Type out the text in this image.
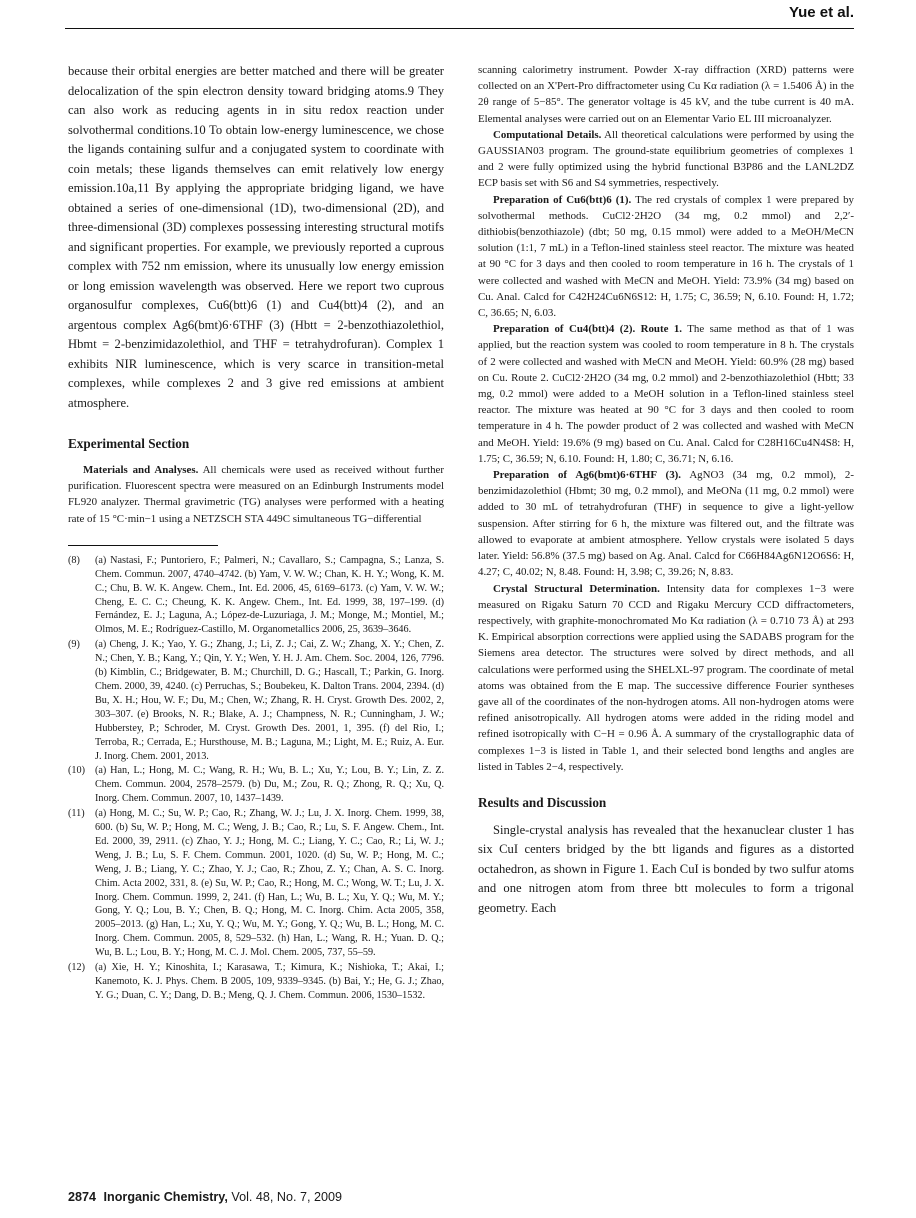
Yue et al.

because their orbital energies are better matched and there will be greater delocalization of the spin electron density toward bridging atoms.9 They can also work as reducing agents in in situ redox reaction under solvothermal conditions.10 To obtain low-energy luminescence, we chose the ligands containing sulfur and a conjugated system to coordinate with coin metals; these ligands themselves can emit relatively low energy emission.10a,11 By applying the appropriate bridging ligand, we have obtained a series of one-dimensional (1D), two-dimensional (2D), and three-dimensional (3D) complexes possessing interesting structural motifs and significant properties. For example, we previously reported a cuprous complex with 752 nm emission, where its unusually low energy emission or long emission wavelength was observed. Here we report two cuprous organosulfur complexes, Cu6(btt)6 (1) and Cu4(btt)4 (2), and an argentous complex Ag6(bmt)6·6THF (3) (Hbtt = 2-benzothiazolethiol, Hbmt = 2-benzimidazolethiol, and THF = tetrahydrofuran). Complex 1 exhibits NIR luminescence, which is very scarce in transition-metal complexes, while complexes 2 and 3 give red emissions at ambient atmosphere.

Experimental Section

Materials and Analyses. All chemicals were used as received without further purification. Fluorescent spectra were measured on an Edinburgh Instruments model FL920 analyzer. Thermal gravimetric (TG) analyses were performed with a heating rate of 15 °C·min−1 using a NETZSCH STA 449C simultaneous TG−differential

(8)	(a) Nastasi, F.; Puntoriero, F.; Palmeri, N.; Cavallaro, S.; Campagna, S.; Lanza, S. Chem. Commun. 2007, 4740–4742. (b) Yam, V. W. W.; Chan, K. H. Y.; Wong, K. M. C.; Chu, B. W. K. Angew. Chem., Int. Ed. 2006, 45, 6169–6173. (c) Yam, V. W. W.; Cheng, E. C. C.; Cheung, K. K. Angew. Chem., Int. Ed. 1999, 38, 197–199. (d) Fernández, E. J.; Laguna, A.; López-de-Luzuriaga, J. M.; Monge, M.; Montiel, M.; Olmos, M. E.; Rodríguez-Castillo, M. Organometallics 2006, 25, 3639–3646.
(9)	(a) Cheng, J. K.; Yao, Y. G.; Zhang, J.; Li, Z. J.; Cai, Z. W.; Zhang, X. Y.; Chen, Z. N.; Chen, Y. B.; Kang, Y.; Qin, Y. Y.; Wen, Y. H. J. Am. Chem. Soc. 2004, 126, 7796. (b) Kimblin, C.; Bridgewater, B. M.; Churchill, D. G.; Hascall, T.; Parkin, G. Inorg. Chem. 2000, 39, 4240. (c) Perruchas, S.; Boubekeu, K. Dalton Trans. 2004, 2394. (d) Bu, X. H.; Hou, W. F.; Du, M.; Chen, W.; Zhang, R. H. Cryst. Growth Des. 2002, 2, 303–307. (e) Brooks, N. R.; Blake, A. J.; Champness, N. R.; Cunningham, J. W.; Hubberstey, P.; Schroder, M. Cryst. Growth Des. 2001, 1, 395. (f) del Rio, I.; Terroba, R.; Cerrada, E.; Hursthouse, M. B.; Laguna, M.; Light, M. E.; Ruiz, A. Eur. J. Inorg. Chem. 2001, 2013.
(10) (a) Han, L.; Hong, M. C.; Wang, R. H.; Wu, B. L.; Xu, Y.; Lou, B. Y.; Lin, Z. Z. Chem. Commun. 2004, 2578–2579. (b) Du, M.; Zou, R. Q.; Zhong, R. Q.; Xu, Q. Inorg. Chem. Commun. 2007, 10, 1437–1439.
(11)	(a) Hong, M. C.; Su, W. P.; Cao, R.; Zhang, W. J.; Lu, J. X. Inorg. Chem. 1999, 38, 600. (b) Su, W. P.; Hong, M. C.; Weng, J. B.; Cao, R.; Lu, S. F. Angew. Chem., Int. Ed. 2000, 39, 2911. (c) Zhao, Y. J.; Hong, M. C.; Liang, Y. C.; Cao, R.; Li, W. J.; Weng, J. B.; Lu, S. F. Chem. Commun. 2001, 1020. (d) Su, W. P.; Hong, M. C.; Weng, J. B.; Liang, Y. C.; Zhao, Y. J.; Cao, R.; Zhou, Z. Y.; Chan, A. S. C. Inorg. Chim. Acta 2002, 331, 8. (e) Su, W. P.; Cao, R.; Hong, M. C.; Wong, W. T.; Lu, J. X. Inorg. Chem. Commun. 1999, 2, 241. (f) Han, L.; Wu, B. L.; Xu, Y. Q.; Wu, M. Y.; Gong, Y. Q.; Lou, B. Y.; Chen, B. Q.; Hong, M. C. Inorg. Chim. Acta 2005, 358, 2005–2013. (g) Han, L.; Xu, Y. Q.; Wu, M. Y.; Gong, Y. Q.; Wu, B. L.; Hong, M. C. Inorg. Chem. Commun. 2005, 8, 529–532. (h) Han, L.; Wang, R. H.; Yuan. D. Q.; Wu, B. L.; Lou, B. Y.; Hong, M. C. J. Mol. Chem. 2005, 737, 55–59.
(12) (a) Xie, H. Y.; Kinoshita, I.; Karasawa, T.; Kimura, K.; Nishioka, T.; Akai, I.; Kanemoto, K. J. Phys. Chem. B 2005, 109, 9339–9345. (b) Bai, Y.; He, G. J.; Zhao, Y. G.; Duan, C. Y.; Dang, D. B.; Meng, Q. J. Chem. Commun. 2006, 1530–1532.

scanning calorimetry instrument. Powder X-ray diffraction (XRD) patterns were collected on an X'Pert-Pro diffractometer using Cu Kα radiation (λ = 1.5406 Å) in the 2θ range of 5−85°. The generator voltage is 45 kV, and the tube current is 40 mA. Elemental analyses were carried out on an Elementar Vario EL III microanalyzer.

Computational Details. All theoretical calculations were performed by using the GAUSSIAN03 program. The ground-state equilibrium geometries of complexes 1 and 2 were fully optimized using the hybrid functional B3P86 and the LANL2DZ ECP basis set with S6 and S4 symmetries, respectively.

Preparation of Cu6(btt)6 (1). The red crystals of complex 1 were prepared by solvothermal methods. CuCl2·2H2O (34 mg, 0.2 mmol) and 2,2′-dithiobis(benzothiazole) (dbt; 50 mg, 0.15 mmol) were added to a MeOH/MeCN solution (1:1, 7 mL) in a Teflon-lined stainless steel reactor. The mixture was heated at 90 °C for 3 days and then cooled to room temperature in 16 h. The crystals of 1 were collected and washed with MeCN and MeOH. Yield: 73.9% (34 mg) based on Cu. Anal. Calcd for C42H24Cu6N6S12: H, 1.75; C, 36.59; N, 6.10. Found: H, 1.72; C, 36.65; N, 6.03.

Preparation of Cu4(btt)4 (2). Route 1. The same method as that of 1 was applied, but the reaction system was cooled to room temperature in 8 h. The crystals of 2 were collected and washed with MeCN and MeOH. Yield: 60.9% (28 mg) based on Cu. Route 2. CuCl2·2H2O (34 mg, 0.2 mmol) and 2-benzothiazolethiol (Hbtt; 33 mg, 0.2 mmol) were added to a MeOH solution in a Teflon-lined stainless steel reactor. The mixture was heated at 90 °C for 3 days and then cooled to room temperature in 4 h. The powder product of 2 was collected and washed with MeCN and MeOH. Yield: 19.6% (9 mg) based on Cu. Anal. Calcd for C28H16Cu4N4S8: H, 1.75; C, 36.59; N, 6.10. Found: H, 1.80; C, 36.71; N, 6.16.

Preparation of Ag6(bmt)6·6THF (3). AgNO3 (34 mg, 0.2 mmol), 2-benzimidazolethiol (Hbmt; 30 mg, 0.2 mmol), and MeONa (11 mg, 0.2 mmol) were added to 30 mL of tetrahydrofuran (THF) in sequence to give a light-yellow suspension. After stirring for 6 h, the mixture was filtered out, and the filtrate was allowed to evaporate at ambient atmosphere. Yellow crystals were isolated 5 days later. Yield: 56.8% (37.5 mg) based on Ag. Anal. Calcd for C66H84Ag6N12O6S6: H, 4.27; C, 40.02; N, 8.48. Found: H, 3.98; C, 39.26; N, 8.83.

Crystal Structural Determination. Intensity data for complexes 1−3 were measured on Rigaku Saturn 70 CCD and Rigaku Mercury CCD diffractometers, respectively, with graphite-monochromated Mo Kα radiation (λ = 0.710 73 Å) at 293 K. Empirical absorption corrections were applied using the SADABS program for the Siemens area detector. The structures were solved by direct methods, and all calculations were performed using the SHELXL-97 program. The coordinate of metal atoms was obtained from the E map. The successive difference Fourier syntheses gave all of the coordinates of the non-hydrogen atoms. All non-hydrogen atoms were refined anisotropically. All hydrogen atoms were added in the riding model and refined isotropically with C−H = 0.96 Å. A summary of the crystallographic data of complexes 1−3 is listed in Table 1, and their selected bond lengths and angles are listed in Tables 2−4, respectively.

Results and Discussion

Single-crystal analysis has revealed that the hexanuclear cluster 1 has six CuI centers bridged by the btt ligands and figures as a distorted octahedron, as shown in Figure 1. Each CuI is bonded by two sulfur atoms and one nitrogen atom from three btt molecules to form a trigonal geometry. Each

2874 Inorganic Chemistry, Vol. 48, No. 7, 2009
